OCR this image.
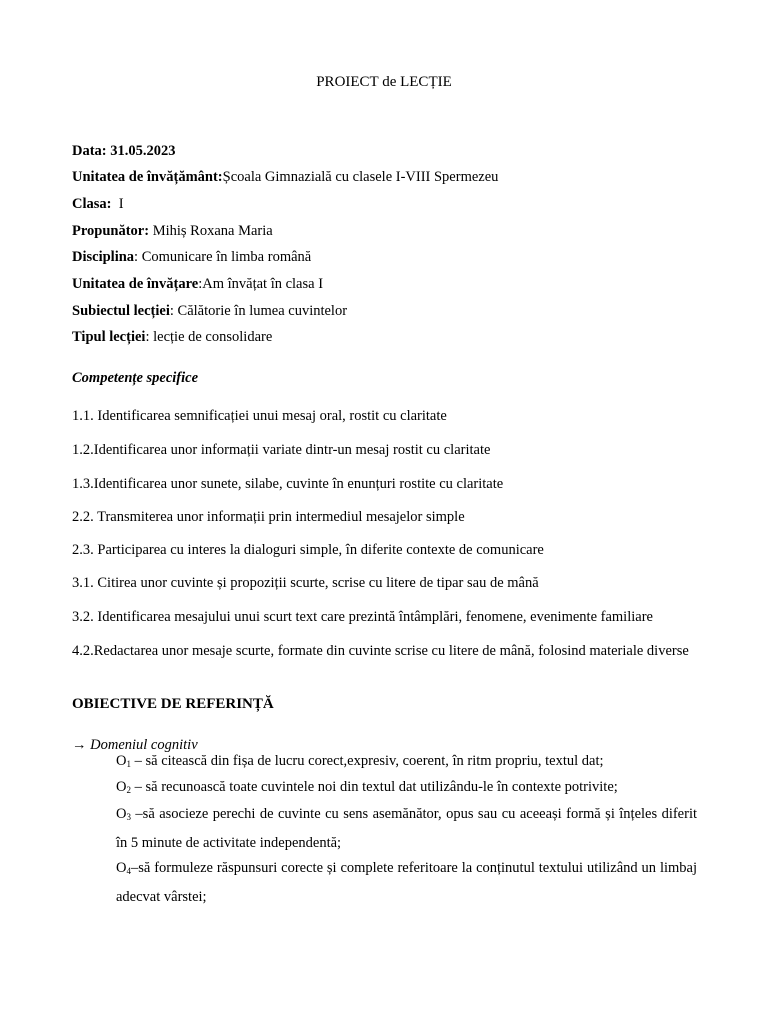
PROIECT de LECȚIE
Data: 31.05.2023
Unitatea de învățământ:Școala Gimnazială cu clasele I-VIII Spermezeu
Clasa:  I
Propunător: Mihiș Roxana Maria
Disciplina: Comunicare în limba română
Unitatea de învățare:Am învățat în clasa I
Subiectul lecției: Călătorie în lumea cuvintelor
Tipul lecției: lecție de consolidare
Competențe specifice
1.1. Identificarea semnificației unui mesaj oral, rostit cu claritate
1.2.Identificarea unor informații variate dintr-un mesaj rostit cu claritate
1.3.Identificarea unor sunete, silabe, cuvinte în enunțuri rostite cu claritate
2.2. Transmiterea unor informații prin intermediul mesajelor simple
2.3. Participarea cu interes la dialoguri simple, în diferite contexte de comunicare
3.1. Citirea unor cuvinte și propoziții scurte, scrise cu litere de tipar sau de mână
3.2. Identificarea mesajului unui scurt text care prezintă întâmplări, fenomene, evenimente familiare
4.2.Redactarea unor mesaje scurte, formate din cuvinte scrise cu litere de mână, folosind materiale diverse
OBIECTIVE DE REFERINȚĂ
→ Domeniul cognitiv
$O_1$ – să citească din fișa de lucru corect,expresiv, coerent, în ritm propriu, textul dat;
$O_2$ – să recunoască toate cuvintele noi din textul dat utilizându-le în contexte potrivite;
$O_3$ –să asocieze perechi de cuvinte cu sens asemănător, opus sau cu aceeași formă și înțeles diferit în 5 minute de activitate independentă;
$O_4-să$ formuleze răspunsuri corecte și complete referitoare la conținutul textului utilizând un limbaj adecvat vârstei;
